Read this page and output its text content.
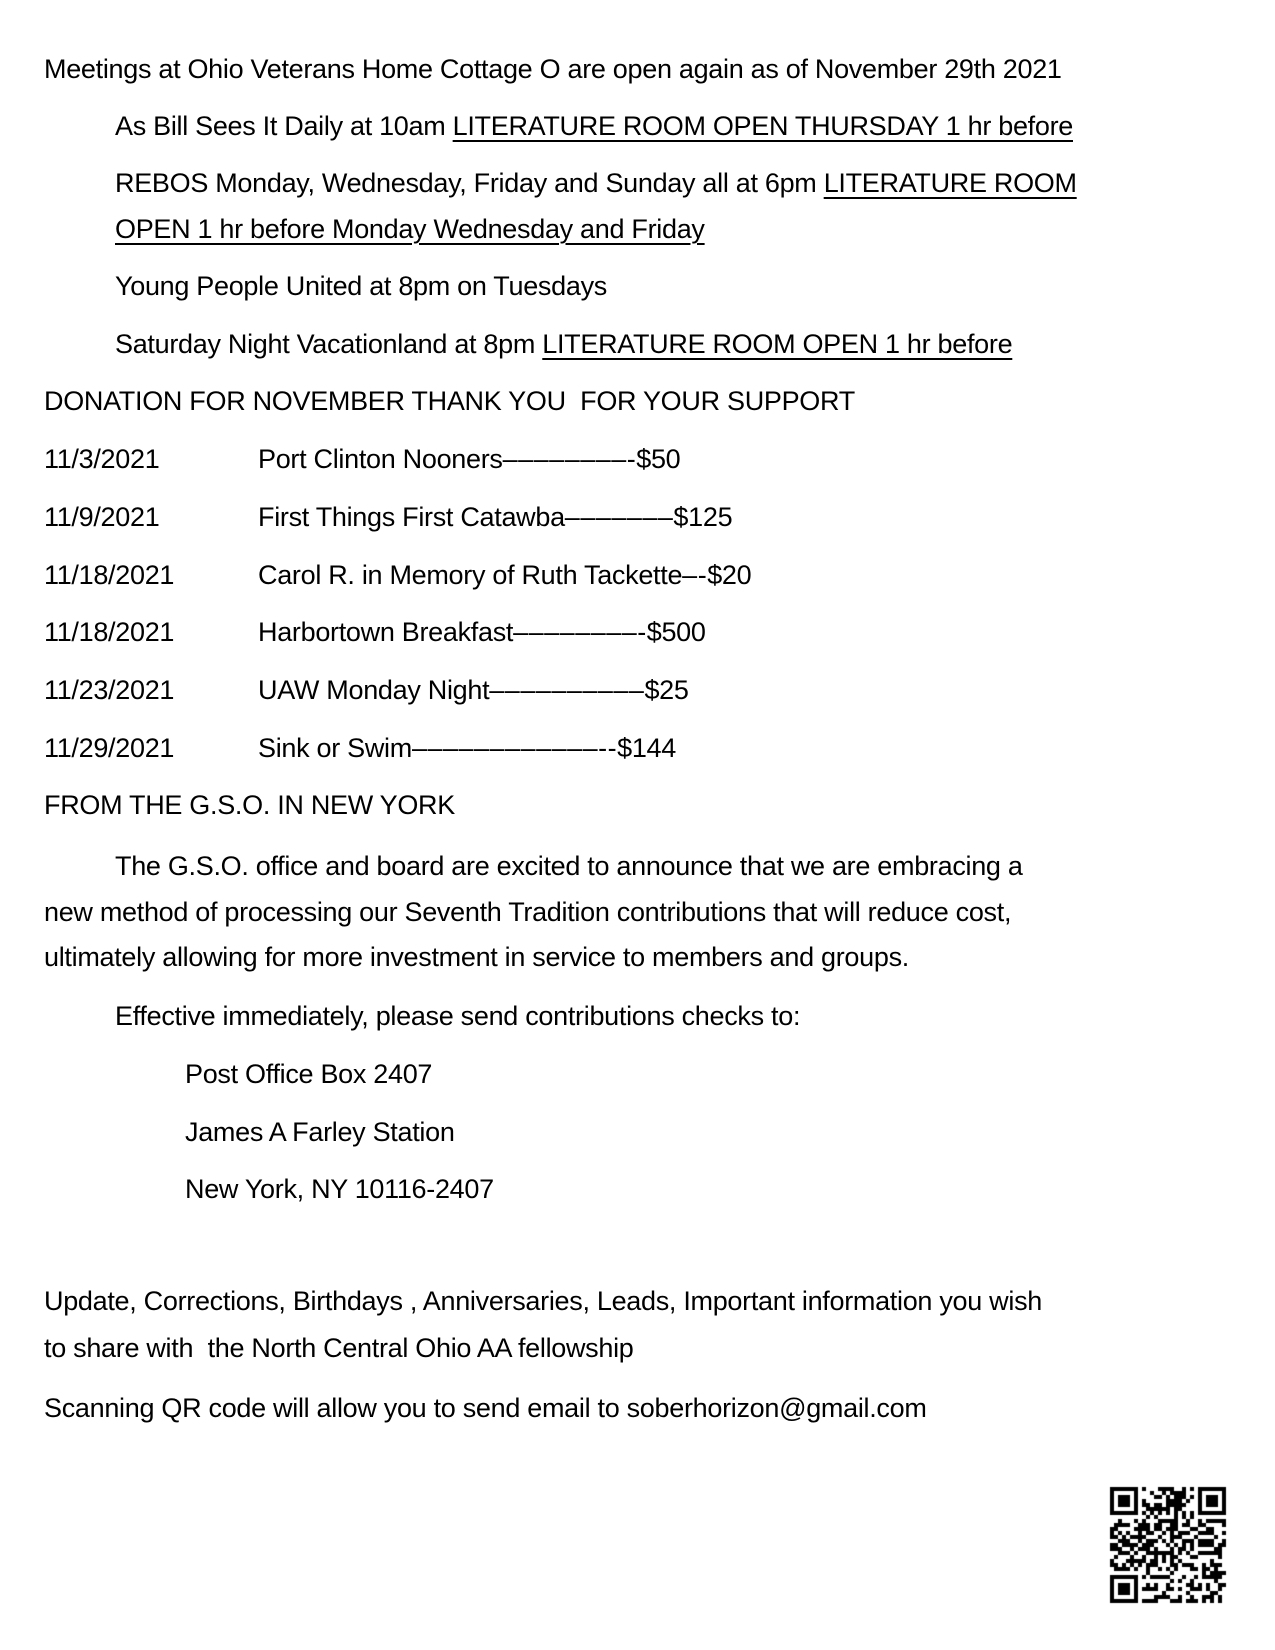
Meetings at Ohio Veterans Home Cottage O are open again as of November 29th 2021
As Bill Sees It Daily at 10am LITERATURE ROOM OPEN THURSDAY 1 hr before
REBOS Monday, Wednesday, Friday and Sunday all at 6pm LITERATURE ROOM
OPEN 1 hr before Monday Wednesday and Friday
Young People United at 8pm on Tuesdays
Saturday Night Vacationland at 8pm LITERATURE ROOM OPEN 1 hr before
DONATION FOR NOVEMBER THANK YOU  FOR YOUR SUPPORT
11/3/2021	Port Clinton Nooners––––––––-$50
11/9/2021	First Things First Catawba–––––––$125
11/18/2021	Carol R. in Memory of Ruth Tackette–-$20
11/18/2021	Harbortown Breakfast––––––––-$500
11/23/2021	UAW Monday Night––––––––––$25
11/29/2021	Sink or Swim––––––––––––--$144
FROM THE G.S.O. IN NEW YORK
The G.S.O. office and board are excited to announce that we are embracing a
new method of processing our Seventh Tradition contributions that will reduce cost,
ultimately allowing for more investment in service to members and groups.
Effective immediately, please send contributions checks to:
Post Office Box 2407
James A Farley Station
New York, NY 10116-2407
Update, Corrections, Birthdays , Anniversaries, Leads, Important information you wish
to share with  the North Central Ohio AA fellowship
Scanning QR code will allow you to send email to soberhorizon@gmail.com
